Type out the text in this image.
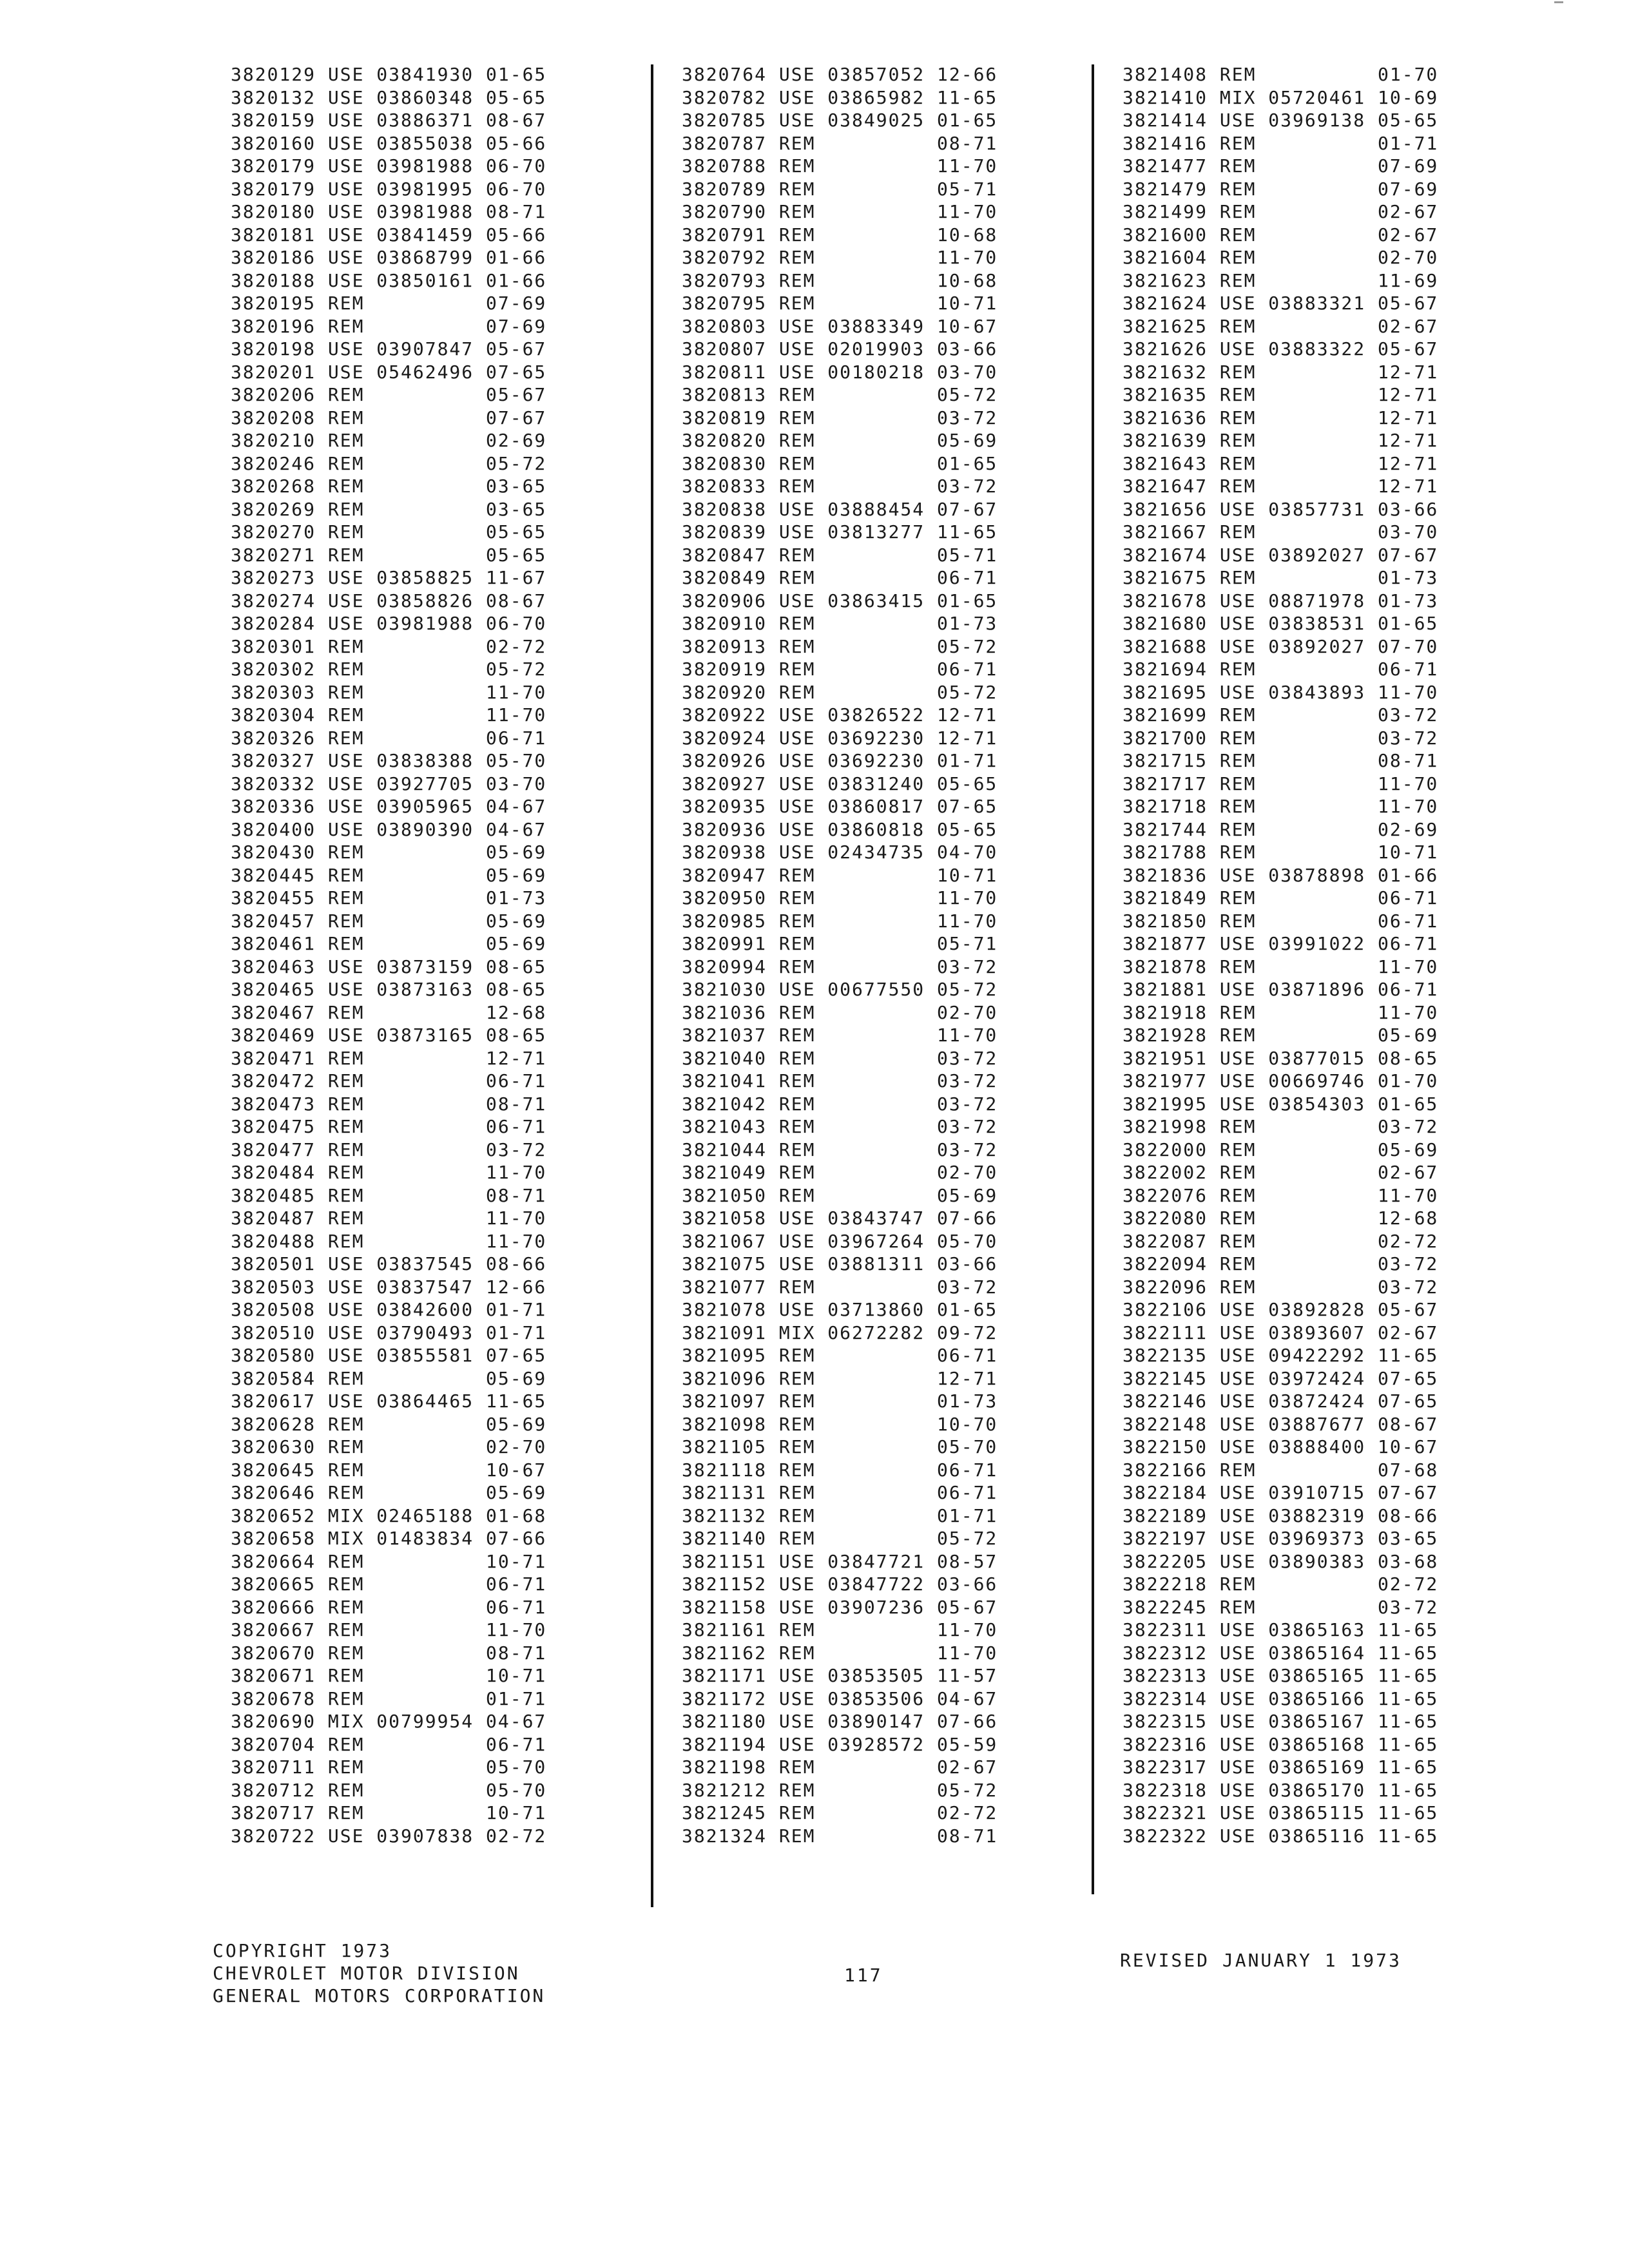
3820129 USE 03841930 01-65
3820132 USE 03860348 05-65
3820159 USE 03886371 08-67
3820160 USE 03855038 05-66
3820179 USE 03981988 06-70
3820179 USE 03981995 06-70
3820180 USE 03981988 08-71
3820181 USE 03841459 05-66
3820186 USE 03868799 01-66
3820188 USE 03850161 01-66
3820195 REM          07-69
3820196 REM          07-69
3820198 USE 03907847 05-67
3820201 USE 05462496 07-65
3820206 REM          05-67
3820208 REM          07-67
3820210 REM          02-69
3820246 REM          05-72
3820268 REM          03-65
3820269 REM          03-65
3820270 REM          05-65
3820271 REM          05-65
3820273 USE 03858825 11-67
3820274 USE 03858826 08-67
3820284 USE 03981988 06-70
3820301 REM          02-72
3820302 REM          05-72
3820303 REM          11-70
3820304 REM          11-70
3820326 REM          06-71
3820327 USE 03838388 05-70
3820332 USE 03927705 03-70
3820336 USE 03905965 04-67
3820400 USE 03890390 04-67
3820430 REM          05-69
3820445 REM          05-69
3820455 REM          01-73
3820457 REM          05-69
3820461 REM          05-69
3820463 USE 03873159 08-65
3820465 USE 03873163 08-65
3820467 REM          12-68
3820469 USE 03873165 08-65
3820471 REM          12-71
3820472 REM          06-71
3820473 REM          08-71
3820475 REM          06-71
3820477 REM          03-72
3820484 REM          11-70
3820485 REM          08-71
3820487 REM          11-70
3820488 REM          11-70
3820501 USE 03837545 08-66
3820503 USE 03837547 12-66
3820508 USE 03842600 01-71
3820510 USE 03790493 01-71
3820580 USE 03855581 07-65
3820584 REM          05-69
3820617 USE 03864465 11-65
3820628 REM          05-69
3820630 REM          02-70
3820645 REM          10-67
3820646 REM          05-69
3820652 MIX 02465188 01-68
3820658 MIX 01483834 07-66
3820664 REM          10-71
3820665 REM          06-71
3820666 REM          06-71
3820667 REM          11-70
3820670 REM          08-71
3820671 REM          10-71
3820678 REM          01-71
3820690 MIX 00799954 04-67
3820704 REM          06-71
3820711 REM          05-70
3820712 REM          05-70
3820717 REM          10-71
3820722 USE 03907838 02-72
3820764 USE 03857052 12-66
3820782 USE 03865982 11-65
3820785 USE 03849025 01-65
3820787 REM          08-71
3820788 REM          11-70
3820789 REM          05-71
3820790 REM          11-70
3820791 REM          10-68
3820792 REM          11-70
3820793 REM          10-68
3820795 REM          10-71
3820803 USE 03883349 10-67
3820807 USE 02019903 03-66
3820811 USE 00180218 03-70
3820813 REM          05-72
3820819 REM          03-72
3820820 REM          05-69
3820830 REM          01-65
3820833 REM          03-72
3820838 USE 03888454 07-67
3820839 USE 03813277 11-65
3820847 REM          05-71
3820849 REM          06-71
3820906 USE 03863415 01-65
3820910 REM          01-73
3820913 REM          05-72
3820919 REM          06-71
3820920 REM          05-72
3820922 USE 03826522 12-71
3820924 USE 03692230 12-71
3820926 USE 03692230 01-71
3820927 USE 03831240 05-65
3820935 USE 03860817 07-65
3820936 USE 03860818 05-65
3820938 USE 02434735 04-70
3820947 REM          10-71
3820950 REM          11-70
3820985 REM          11-70
3820991 REM          05-71
3820994 REM          03-72
3821030 USE 00677550 05-72
3821036 REM          02-70
3821037 REM          11-70
3821040 REM          03-72
3821041 REM          03-72
3821042 REM          03-72
3821043 REM          03-72
3821044 REM          03-72
3821049 REM          02-70
3821050 REM          05-69
3821058 USE 03843747 07-66
3821067 USE 03967264 05-70
3821075 USE 03881311 03-66
3821077 REM          03-72
3821078 USE 03713860 01-65
3821091 MIX 06272282 09-72
3821095 REM          06-71
3821096 REM          12-71
3821097 REM          01-73
3821098 REM          10-70
3821105 REM          05-70
3821118 REM          06-71
3821131 REM          06-71
3821132 REM          01-71
3821140 REM          05-72
3821151 USE 03847721 08-57
3821152 USE 03847722 03-66
3821158 USE 03907236 05-67
3821161 REM          11-70
3821162 REM          11-70
3821171 USE 03853505 11-57
3821172 USE 03853506 04-67
3821180 USE 03890147 07-66
3821194 USE 03928572 05-59
3821198 REM          02-67
3821212 REM          05-72
3821245 REM          02-72
3821324 REM          08-71
3821408 REM          01-70
3821410 MIX 05720461 10-69
3821414 USE 03969138 05-65
3821416 REM          01-71
3821477 REM          07-69
3821479 REM          07-69
3821499 REM          02-67
3821600 REM          02-67
3821604 REM          02-70
3821623 REM          11-69
3821624 USE 03883321 05-67
3821625 REM          02-67
3821626 USE 03883322 05-67
3821632 REM          12-71
3821635 REM          12-71
3821636 REM          12-71
3821639 REM          12-71
3821643 REM          12-71
3821647 REM          12-71
3821656 USE 03857731 03-66
3821667 REM          03-70
3821674 USE 03892027 07-67
3821675 REM          01-73
3821678 USE 08871978 01-73
3821680 USE 03838531 01-65
3821688 USE 03892027 07-70
3821694 REM          06-71
3821695 USE 03843893 11-70
3821699 REM          03-72
3821700 REM          03-72
3821715 REM          08-71
3821717 REM          11-70
3821718 REM          11-70
3821744 REM          02-69
3821788 REM          10-71
3821836 USE 03878898 01-66
3821849 REM          06-71
3821850 REM          06-71
3821877 USE 03991022 06-71
3821878 REM          11-70
3821881 USE 03871896 06-71
3821918 REM          11-70
3821928 REM          05-69
3821951 USE 03877015 08-65
3821977 USE 00669746 01-70
3821995 USE 03854303 01-65
3821998 REM          03-72
3822000 REM          05-69
3822002 REM          02-67
3822076 REM          11-70
3822080 REM          12-68
3822087 REM          02-72
3822094 REM          03-72
3822096 REM          03-72
3822106 USE 03892828 05-67
3822111 USE 03893607 02-67
3822135 USE 09422292 11-65
3822145 USE 03972424 07-65
3822146 USE 03872424 07-65
3822148 USE 03887677 08-67
3822150 USE 03888400 10-67
3822166 REM          07-68
3822184 USE 03910715 07-67
3822189 USE 03882319 08-66
3822197 USE 03969373 03-65
3822205 USE 03890383 03-68
3822218 REM          02-72
3822245 REM          03-72
3822311 USE 03865163 11-65
3822312 USE 03865164 11-65
3822313 USE 03865165 11-65
3822314 USE 03865166 11-65
3822315 USE 03865167 11-65
3822316 USE 03865168 11-65
3822317 USE 03865169 11-65
3822318 USE 03865170 11-65
3822321 USE 03865115 11-65
3822322 USE 03865116 11-65
COPYRIGHT 1973
CHEVROLET MOTOR DIVISION
GENERAL MOTORS CORPORATION
117
REVISED JANUARY 1 1973
